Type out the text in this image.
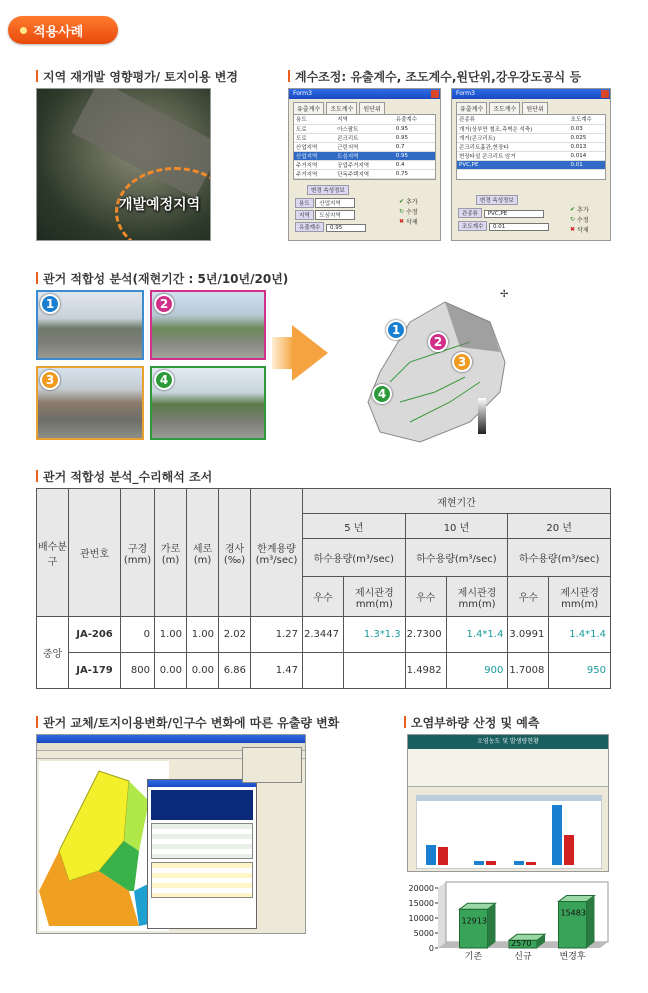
적용사례
지역 재개발 영향평가/ 토지이용 변경
개발예정지역
계수조정: 유출계수, 조도계수,원단위,강우강도공식 등
Form3
유출계수	조도계수	원단위
용도	지역	유출계수
도로	아스팔트	0.95
도로	콘크리트	0.95
산업지역	근린지역	0.7
산업지역	도심지역	0.95
주거지역	공업주거지역	0.4
주거지역	단독주택지역	0.75

변경 속성정보
용도 산업지역
지역 도심지역
유출계수 0.95
✔ 추가
↻ 수정
✖ 삭제
Form3
유출계수	조도계수	원단위
관종류	조도계수
개거(상부만 철조,측벽은 석축)	0.03
개거(콘크리트)	0.025
콘크리트흄관,현장타	0.013
현장타설 콘크리트 암거	0.014
PVC,PE	0.01
변경 속성정보
관종류 PVC,PE
조도계수 0.01
✔ 추가
↻ 수정
✖ 삭제
관거 적합성 분석(재현기간 : 5년/10년/20년)
1	2
3	4
✢
1
2
3
4
관거 적합성 분석_수리해석 조서
배수분구	관번호	구경(mm)	가로(m)	세로(m)	경사(‰)	한계용량(m³/sec)	재현기간					
							5 년		10 년		20 년	
							하수용량(m³/sec)		하수용량(m³/sec)		하수용량(m³/sec)	
							우수	제시관경mm(m)	우수	제시관경mm(m)	우수	제시관경mm(m)
중앙	JA-206	0	1.00	1.00	2.02	1.27	2.3447	1.3*1.3	2.7300	1.4*1.4	3.0991	1.4*1.4
	JA-179	800	0.00	0.00	6.86	1.47			1.4982	900	1.7008	950
관거 교체/토지이용변화/인구수 변화에 따른 유출량 변화	오염부하량 산정 및 예측
오염농도 및 발생량현황
0
5000
10000
15000
20000
12913
기존
2570
신규
15483
변경후
